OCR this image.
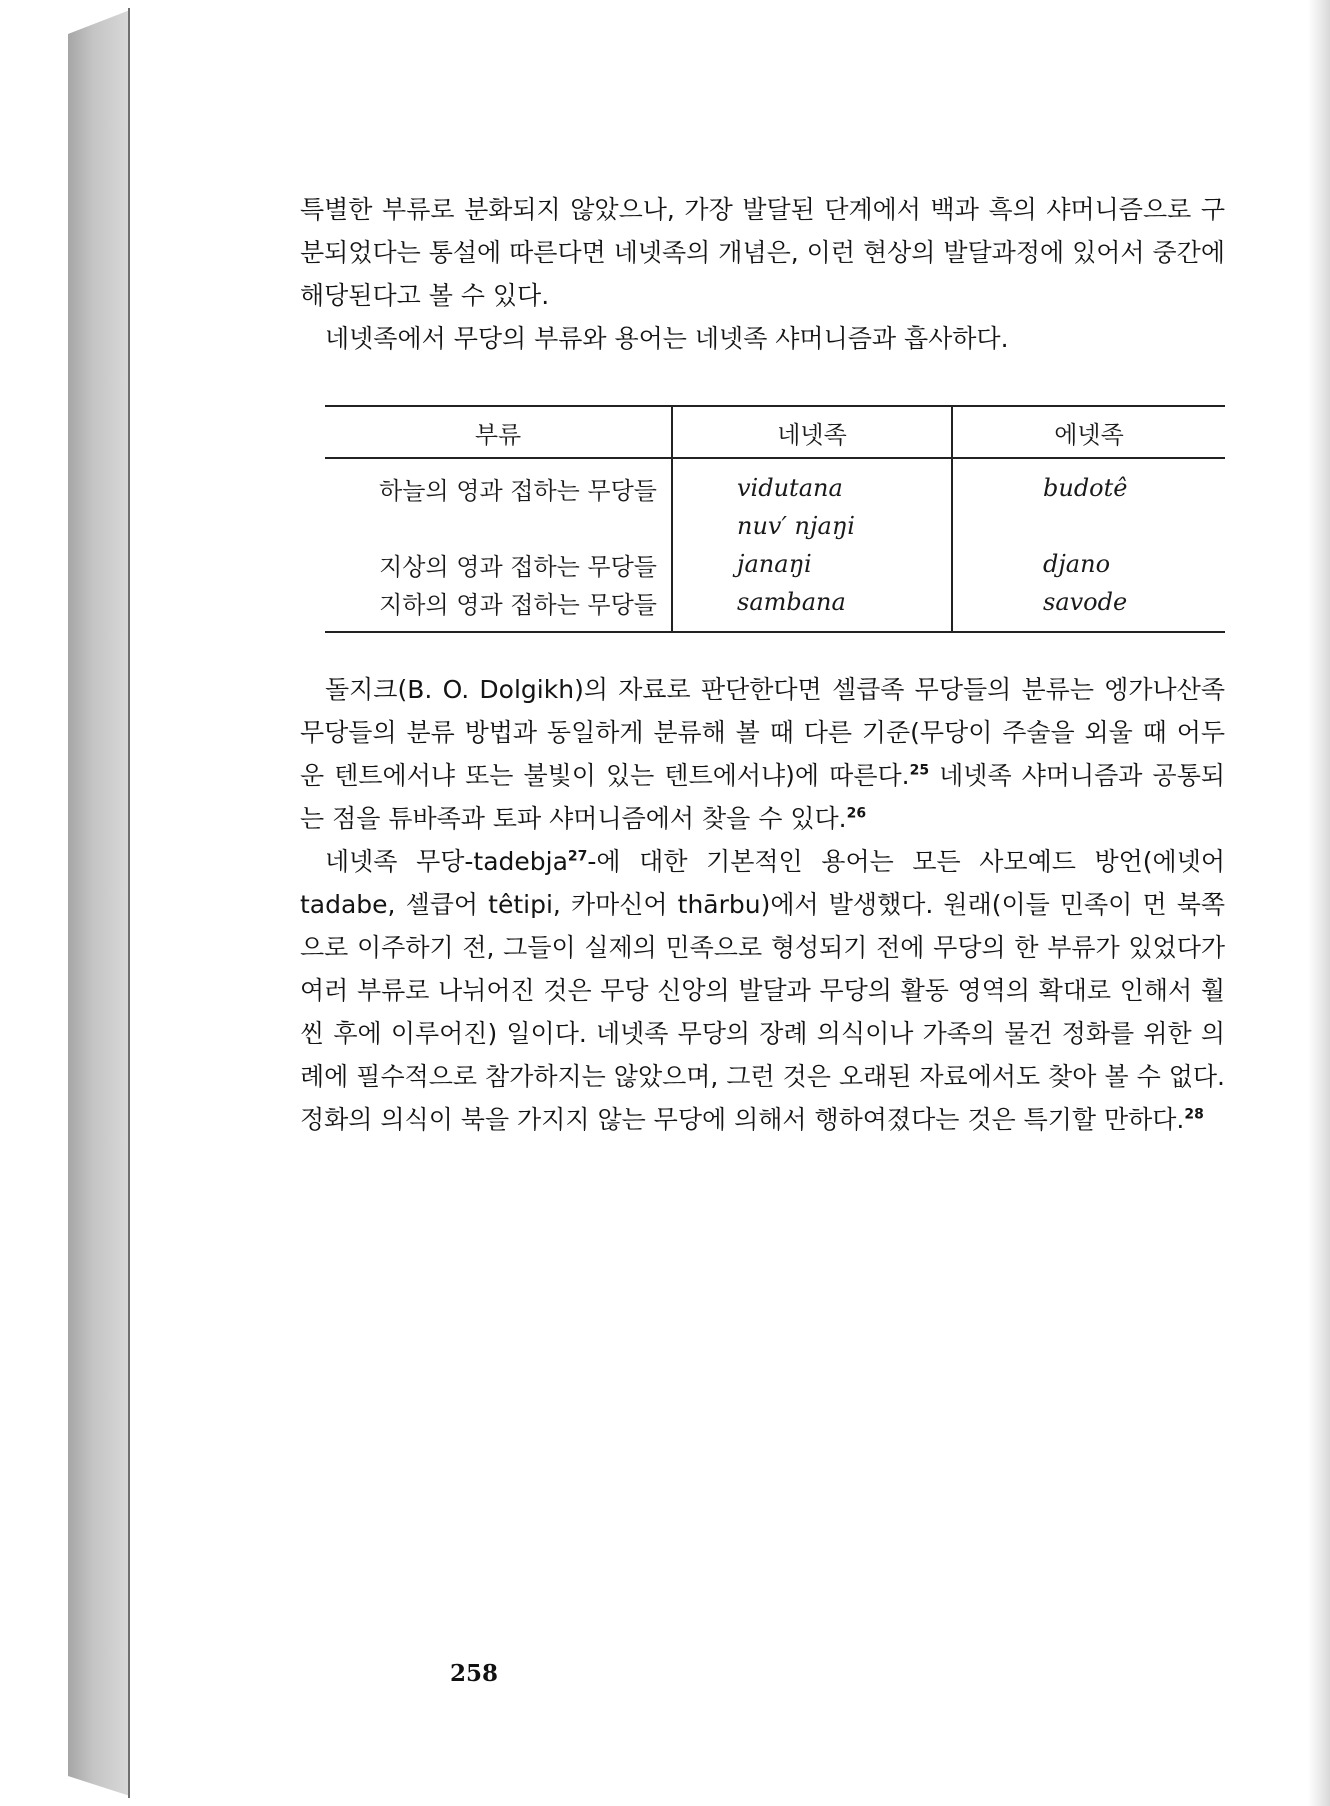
특별한 부류로 분화되지 않았으나, 가장 발달된 단계에서 백과 흑의 샤머니즘으로 구분되었다는 통설에 따른다면 네넷족의 개념은, 이런 현상의 발달과정에 있어서 중간에 해당된다고 볼 수 있다.

네넷족에서 무당의 부류와 용어는 네넷족 샤머니즘과 흡사하다.

부류	네넷족	에넷족
하늘의 영과 접하는 무당들	vidutana	budotê
	nuv′ njaŋi	
지상의 영과 접하는 무당들	janaŋi	djano
지하의 영과 접하는 무당들	sambana	savode

돌지크(B. O. Dolgikh)의 자료로 판단한다면 셀큽족 무당들의 분류는 엥가나산족 무당들의 분류 방법과 동일하게 분류해 볼 때 다른 기준(무당이 주술을 외울 때 어두운 텐트에서냐 또는 불빛이 있는 텐트에서냐)에 따른다.$^{25}$ 네넷족 샤머니즘과 공통되는 점을 튜바족과 토파 샤머니즘에서 찾을 수 있다.$^{26}$

네넷족 무당-tadebja$^{27}$-에 대한 기본적인 용어는 모든 사모예드 방언(에넷어 tadabe, 셀큽어 têtipi, 카마신어 thārbu)에서 발생했다. 원래(이들 민족이 먼 북쪽으로 이주하기 전, 그들이 실제의 민족으로 형성되기 전에 무당의 한 부류가 있었다가 여러 부류로 나뉘어진 것은 무당 신앙의 발달과 무당의 활동 영역의 확대로 인해서 훨씬 후에 이루어진) 일이다. 네넷족 무당의 장례 의식이나 가족의 물건 정화를 위한 의례에 필수적으로 참가하지는 않았으며, 그런 것은 오래된 자료에서도 찾아 볼 수 없다. 정화의 의식이 북을 가지지 않는 무당에 의해서 행하여졌다는 것은 특기할 만하다.$^{28}$

258
